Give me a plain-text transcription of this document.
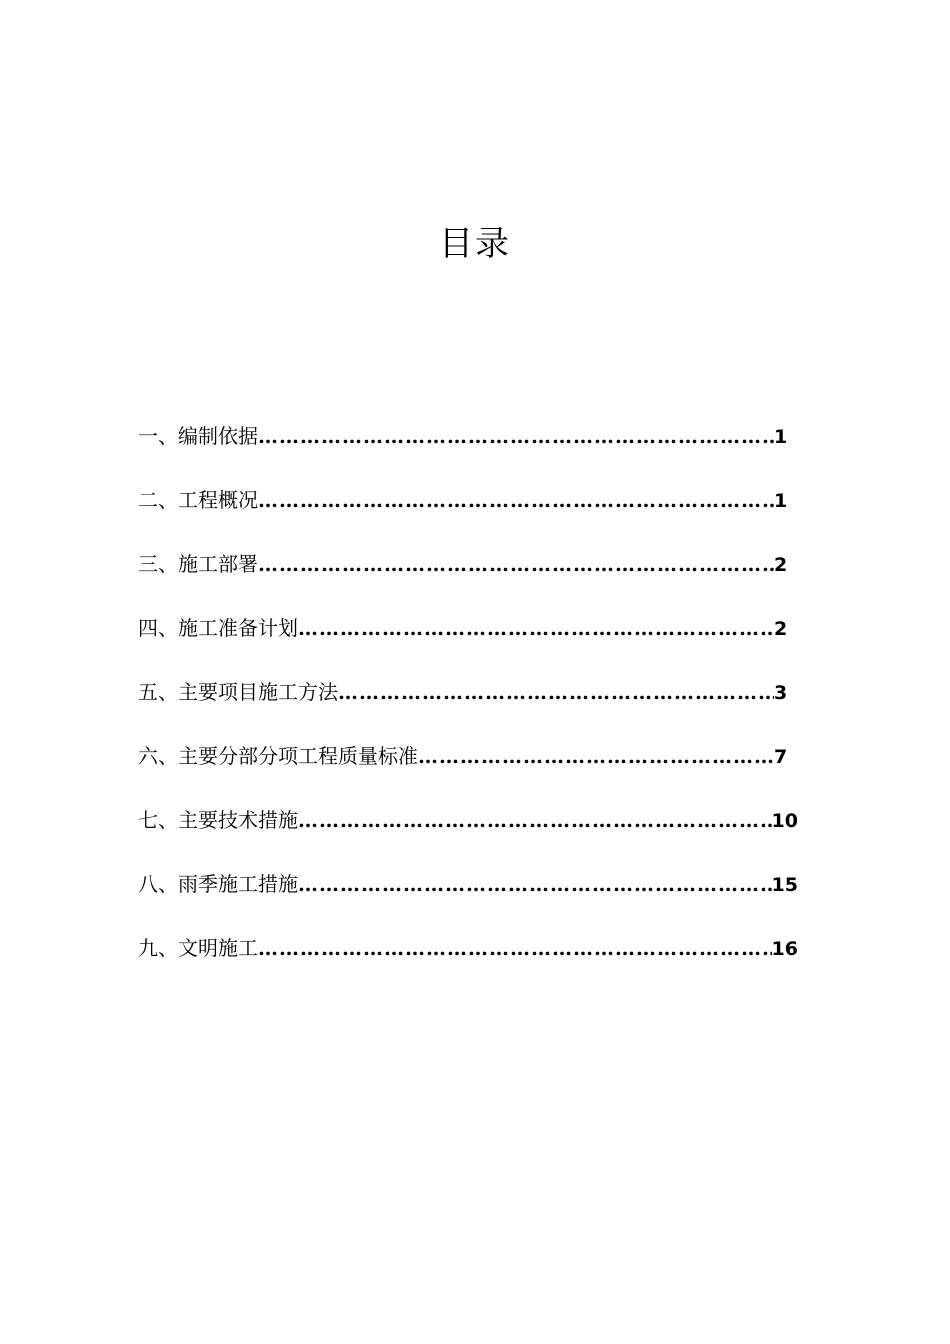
目录
一、编制依据 ……………………………………………………………………………………………………………………………………………	1
二、工程概况 ……………………………………………………………………………………………………………………………………………	1
三、施工部署 ……………………………………………………………………………………………………………………………………………	2
四、施工准备计划 ……………………………………………………………………………………………………………………………………………	2
五、主要项目施工方法 ……………………………………………………………………………………………………………………………………………	3
六、主要分部分项工程质量标准 ……………………………………………………………………………………………………………………………………………	7
七、主要技术措施 ……………………………………………………………………………………………………………………………………………	10
八、雨季施工措施 ……………………………………………………………………………………………………………………………………………	15
九、文明施工 ……………………………………………………………………………………………………………………………………………	16
